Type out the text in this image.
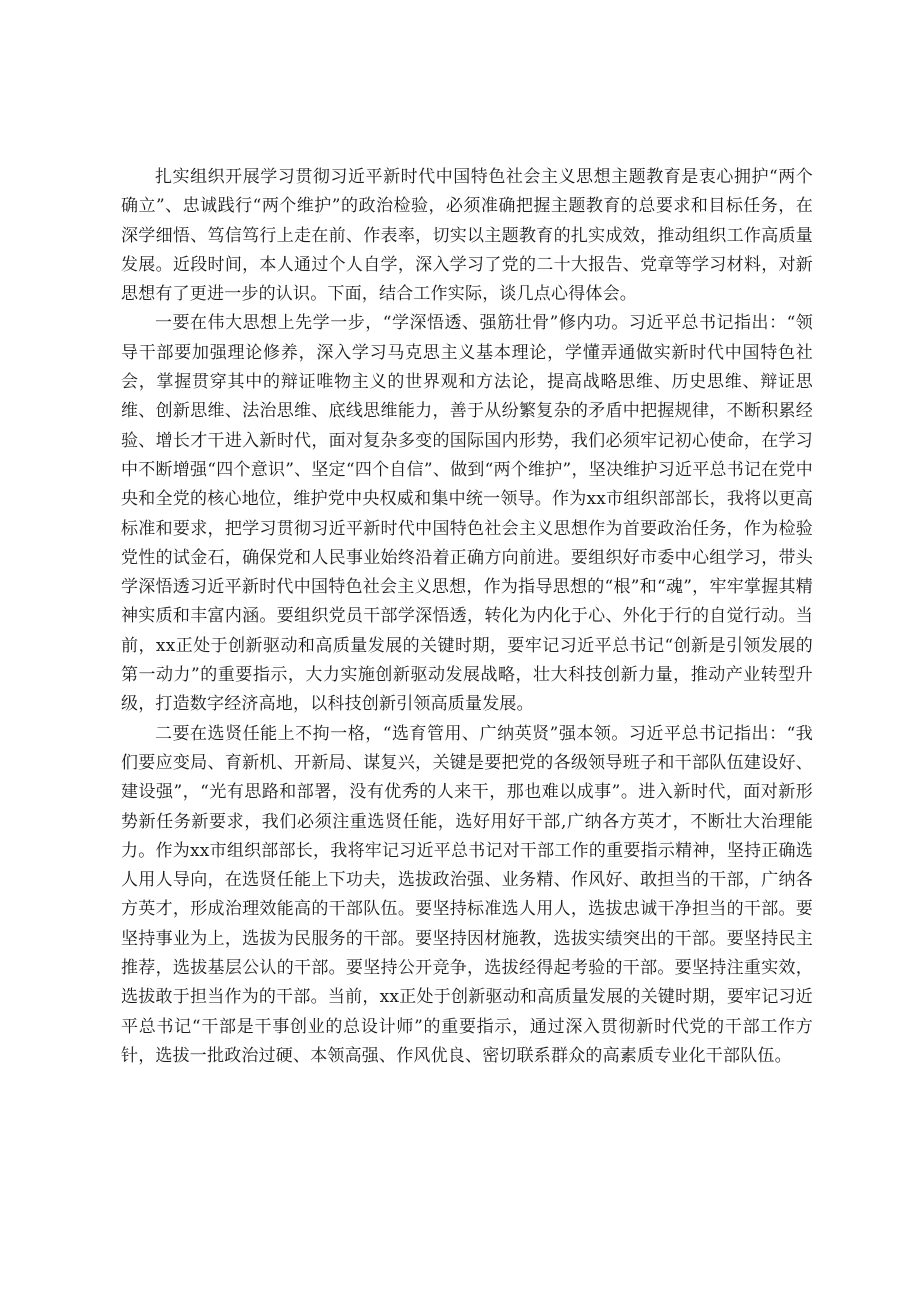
扎实组织开展学习贯彻习近平新时代中国特色社会主义思想主题教育是衷心拥护“两个确立”、忠诚践行“两个维护”的政治检验，必须准确把握主题教育的总要求和目标任务，在深学细悟、笃信笃行上走在前、作表率，切实以主题教育的扎实成效，推动组织工作高质量发展。近段时间，本人通过个人自学，深入学习了党的二十大报告、党章等学习材料，对新思想有了更进一步的认识。下面，结合工作实际，谈几点心得体会。

一要在伟大思想上先学一步，“学深悟透、强筋壮骨”修内功。习近平总书记指出：“领导干部要加强理论修养，深入学习马克思主义基本理论，学懂弄通做实新时代中国特色社会，掌握贯穿其中的辩证唯物主义的世界观和方法论，提高战略思维、历史思维、辩证思维、创新思维、法治思维、底线思维能力，善于从纷繁复杂的矛盾中把握规律，不断积累经验、增长才干进入新时代，面对复杂多变的国际国内形势，我们必须牢记初心使命，在学习中不断增强“四个意识”、坚定“四个自信”、做到“两个维护”，坚决维护习近平总书记在党中央和全党的核心地位，维护党中央权威和集中统一领导。作为xx市组织部部长，我将以更高标准和要求，把学习贯彻习近平新时代中国特色社会主义思想作为首要政治任务，作为检验党性的试金石，确保党和人民事业始终沿着正确方向前进。要组织好市委中心组学习，带头学深悟透习近平新时代中国特色社会主义思想，作为指导思想的“根”和“魂”，牢牢掌握其精神实质和丰富内涵。要组织党员干部学深悟透，转化为内化于心、外化于行的自觉行动。当前，xx正处于创新驱动和高质量发展的关键时期，要牢记习近平总书记“创新是引领发展的第一动力”的重要指示，大力实施创新驱动发展战略，壮大科技创新力量，推动产业转型升级，打造数字经济高地，以科技创新引领高质量发展。

二要在选贤任能上不拘一格，“选育管用、广纳英贤”强本领。习近平总书记指出：“我们要应变局、育新机、开新局、谋复兴，关键是要把党的各级领导班子和干部队伍建设好、建设强”，“光有思路和部署，没有优秀的人来干，那也难以成事”。进入新时代，面对新形势新任务新要求，我们必须注重选贤任能，选好用好干部,广纳各方英才，不断壮大治理能力。作为xx市组织部部长，我将牢记习近平总书记对干部工作的重要指示精神，坚持正确选人用人导向，在选贤任能上下功夫，选拔政治强、业务精、作风好、敢担当的干部，广纳各方英才，形成治理效能高的干部队伍。要坚持标准选人用人，选拔忠诚干净担当的干部。要坚持事业为上，选拔为民服务的干部。要坚持因材施教，选拔实绩突出的干部。要坚持民主推荐，选拔基层公认的干部。要坚持公开竞争，选拔经得起考验的干部。要坚持注重实效，选拔敢于担当作为的干部。当前，xx正处于创新驱动和高质量发展的关键时期，要牢记习近平总书记“干部是干事创业的总设计师”的重要指示，通过深入贯彻新时代党的干部工作方针，选拔一批政治过硬、本领高强、作风优良、密切联系群众的高素质专业化干部队伍。
